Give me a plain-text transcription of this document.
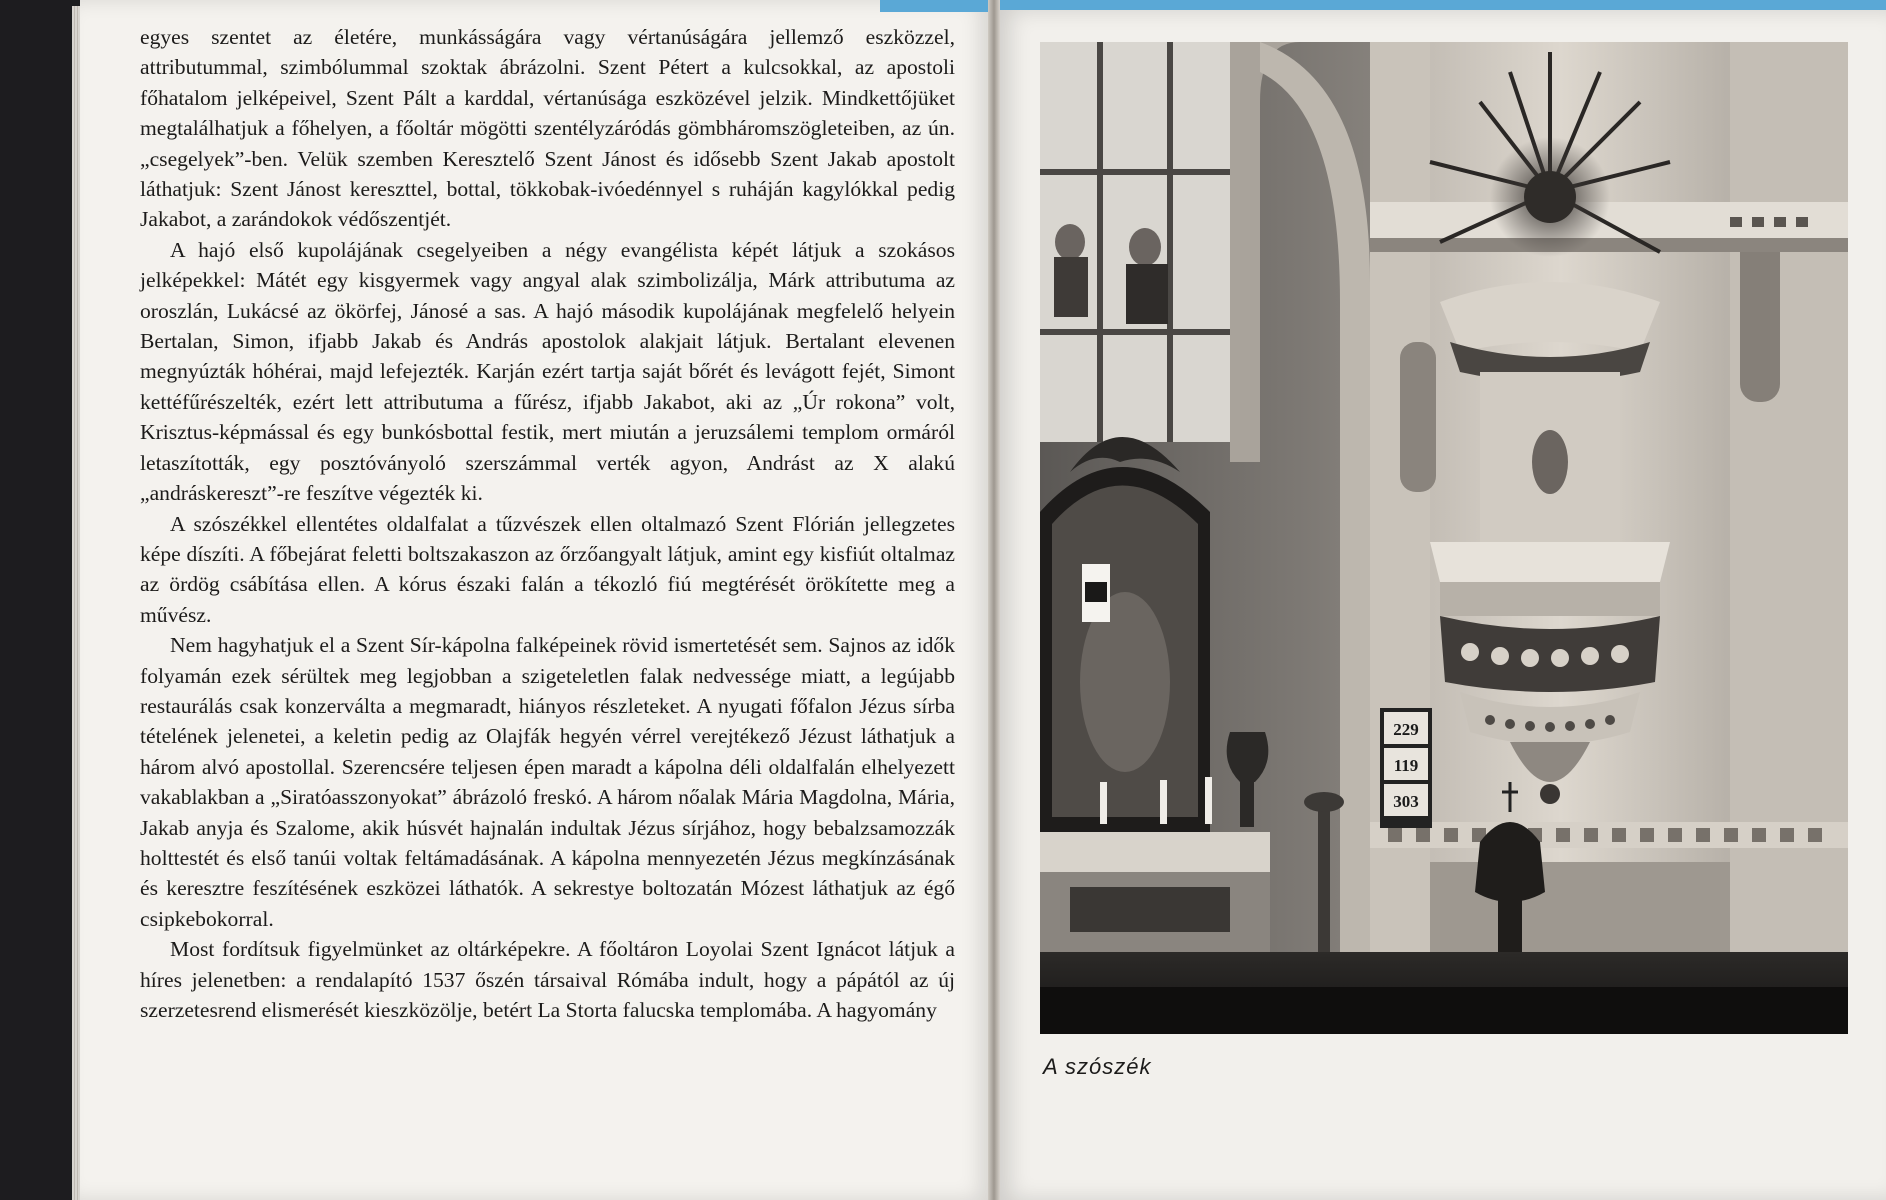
egyes szentet az életére, munkásságára vagy vértanúságára jellemző eszközzel, attributummal, szimbólummal szoktak ábrázolni. Szent Pétert a kulcsokkal, az apostoli főhatalom jelképeivel, Szent Pált a karddal, vértanúsága eszközével jelzik. Mindkettőjüket megtalálhatjuk a főhelyen, a főoltár mögötti szentélyzáródás gömbháromszögleteiben, az ún. „csegelyek”-ben. Velük szemben Keresztelő Szent Jánost és idősebb Szent Jakab apostolt láthatjuk: Szent Jánost kereszttel, bottal, tökkobak-ivóedénnyel s ruháján kagylókkal pedig Jakabot, a zarándokok védőszentjét.

A hajó első kupolájának csegelyeiben a négy evangélista képét látjuk a szokásos jelképekkel: Mátét egy kisgyermek vagy angyal alak szimbolizálja, Márk attributuma az oroszlán, Lukácsé az ökörfej, Jánosé a sas. A hajó második kupolájának megfelelő helyein Bertalan, Simon, ifjabb Jakab és András apostolok alakjait látjuk. Bertalant elevenen megnyúzták hóhérai, majd lefejezték. Karján ezért tartja saját bőrét és levágott fejét, Simont kettéfűrészelték, ezért lett attributuma a fűrész, ifjabb Jakabot, aki az „Úr rokona” volt, Krisztus-képmással és egy bunkósbottal festik, mert miután a jeruzsálemi templom ormáról letaszították, egy posztóványoló szerszámmal verték agyon, Andrást az X alakú „andráskereszt”-re feszítve végezték ki.

A szószékkel ellentétes oldalfalat a tűzvészek ellen oltalmazó Szent Flórián jellegzetes képe díszíti. A főbejárat feletti boltszakaszon az őrzőangyalt látjuk, amint egy kisfiút oltalmaz az ördög csábítása ellen. A kórus északi falán a tékozló fiú megtérését örökítette meg a művész.

Nem hagyhatjuk el a Szent Sír-kápolna falképeinek rövid ismertetését sem. Sajnos az idők folyamán ezek sérültek meg legjobban a szigeteletlen falak nedvessége miatt, a legújabb restaurálás csak konzerválta a megmaradt, hiányos részleteket. A nyugati főfalon Jézus sírba tételének jelenetei, a keletin pedig az Olajfák hegyén vérrel verejtékező Jézust láthatjuk a három alvó apostollal. Szerencsére teljesen épen maradt a kápolna déli oldalfalán elhelyezett vakablakban a „Siratóasszonyokat” ábrázoló freskó. A három nőalak Mária Magdolna, Mária, Jakab anyja és Szalome, akik húsvét hajnalán indultak Jézus sírjához, hogy bebalzsamozzák holttestét és első tanúi voltak feltámadásának. A kápolna mennyezetén Jézus megkínzásának és keresztre feszítésének eszközei láthatók. A sekrestye boltozatán Mózest láthatjuk az égő csipkebokorral.

Most fordítsuk figyelmünket az oltárképekre. A főoltáron Loyolai Szent Ignácot látjuk a híres jelenetben: a rendalapító 1537 őszén társaival Rómába indult, hogy a pápától az új szerzetesrend elismerését kieszközölje, betért La Storta falucska templomába. A hagyomány

229
119
303
A szószék
